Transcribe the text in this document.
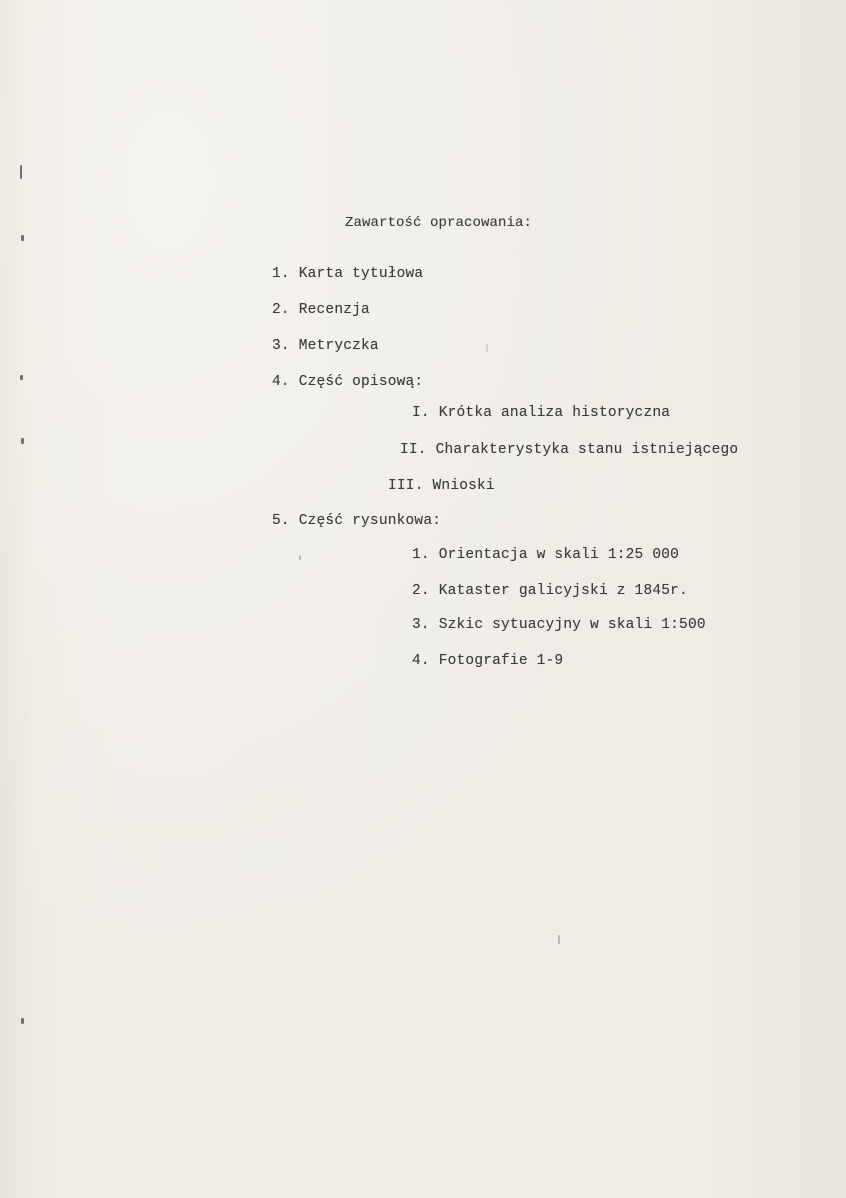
Zawartość opracowania:
1. Karta tytułowa
2. Recenzja
3. Metryczka
4. Część opisową:
I. Krótka analiza historyczna
II. Charakterystyka stanu istniejącego
III. Wnioski
5. Część rysunkowa:
1. Orientacja w skali 1:25 000
2. Kataster galicyjski z 1845r.
3. Szkic sytuacyjny w skali 1:500
4. Fotografie 1-9
